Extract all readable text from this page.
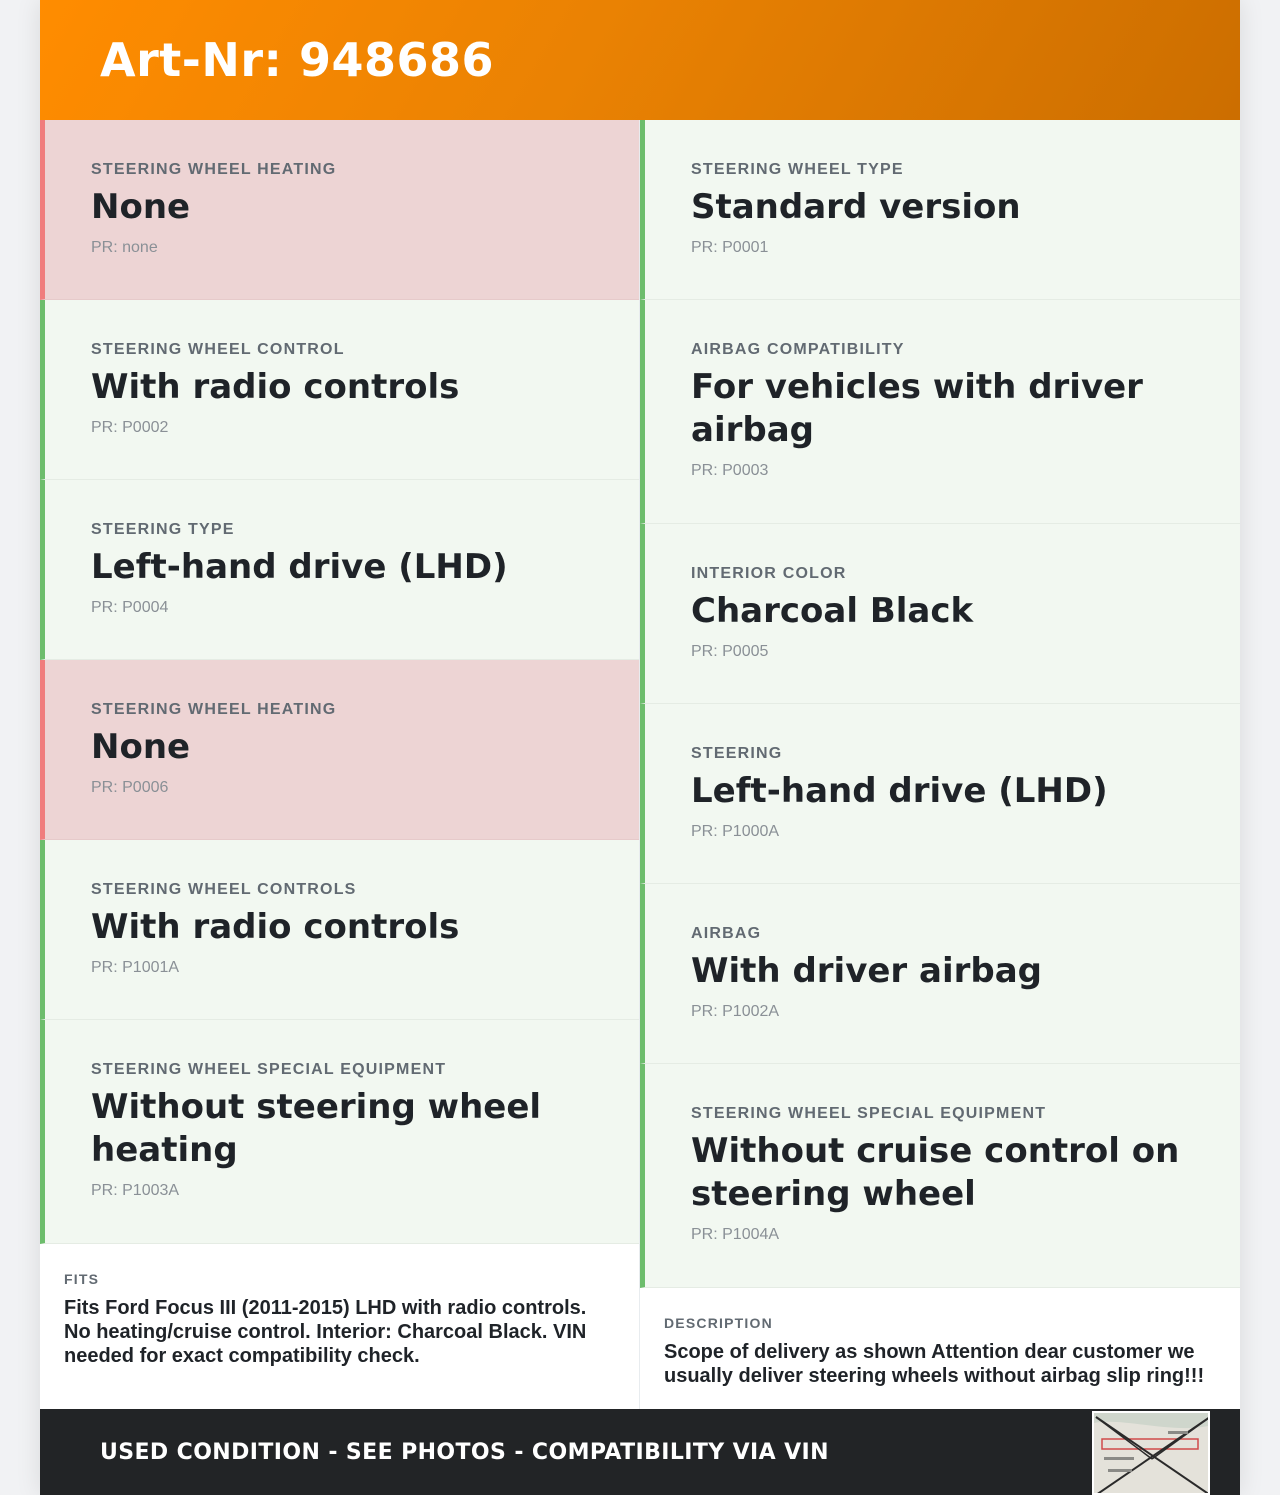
Art-Nr: 948686
STEERING WHEEL HEATING
None
PR: none
STEERING WHEEL CONTROL
With radio controls
PR: P0002
STEERING TYPE
Left-hand drive (LHD)
PR: P0004
STEERING WHEEL HEATING
None
PR: P0006
STEERING WHEEL CONTROLS
With radio controls
PR: P1001A
STEERING WHEEL SPECIAL EQUIPMENT
Without steering wheel heating
PR: P1003A
FITS
Fits Ford Focus III (2011-2015) LHD with radio controls. No heating/cruise control. Interior: Charcoal Black. VIN needed for exact compatibility check.
STEERING WHEEL TYPE
Standard version
PR: P0001
AIRBAG COMPATIBILITY
For vehicles with driver airbag
PR: P0003
INTERIOR COLOR
Charcoal Black
PR: P0005
STEERING
Left-hand drive (LHD)
PR: P1000A
AIRBAG
With driver airbag
PR: P1002A
STEERING WHEEL SPECIAL EQUIPMENT
Without cruise control on steering wheel
PR: P1004A
DESCRIPTION
Scope of delivery as shown Attention dear customer we usually deliver steering wheels without airbag slip ring!!!
USED CONDITION - SEE PHOTOS - COMPATIBILITY VIA VIN
